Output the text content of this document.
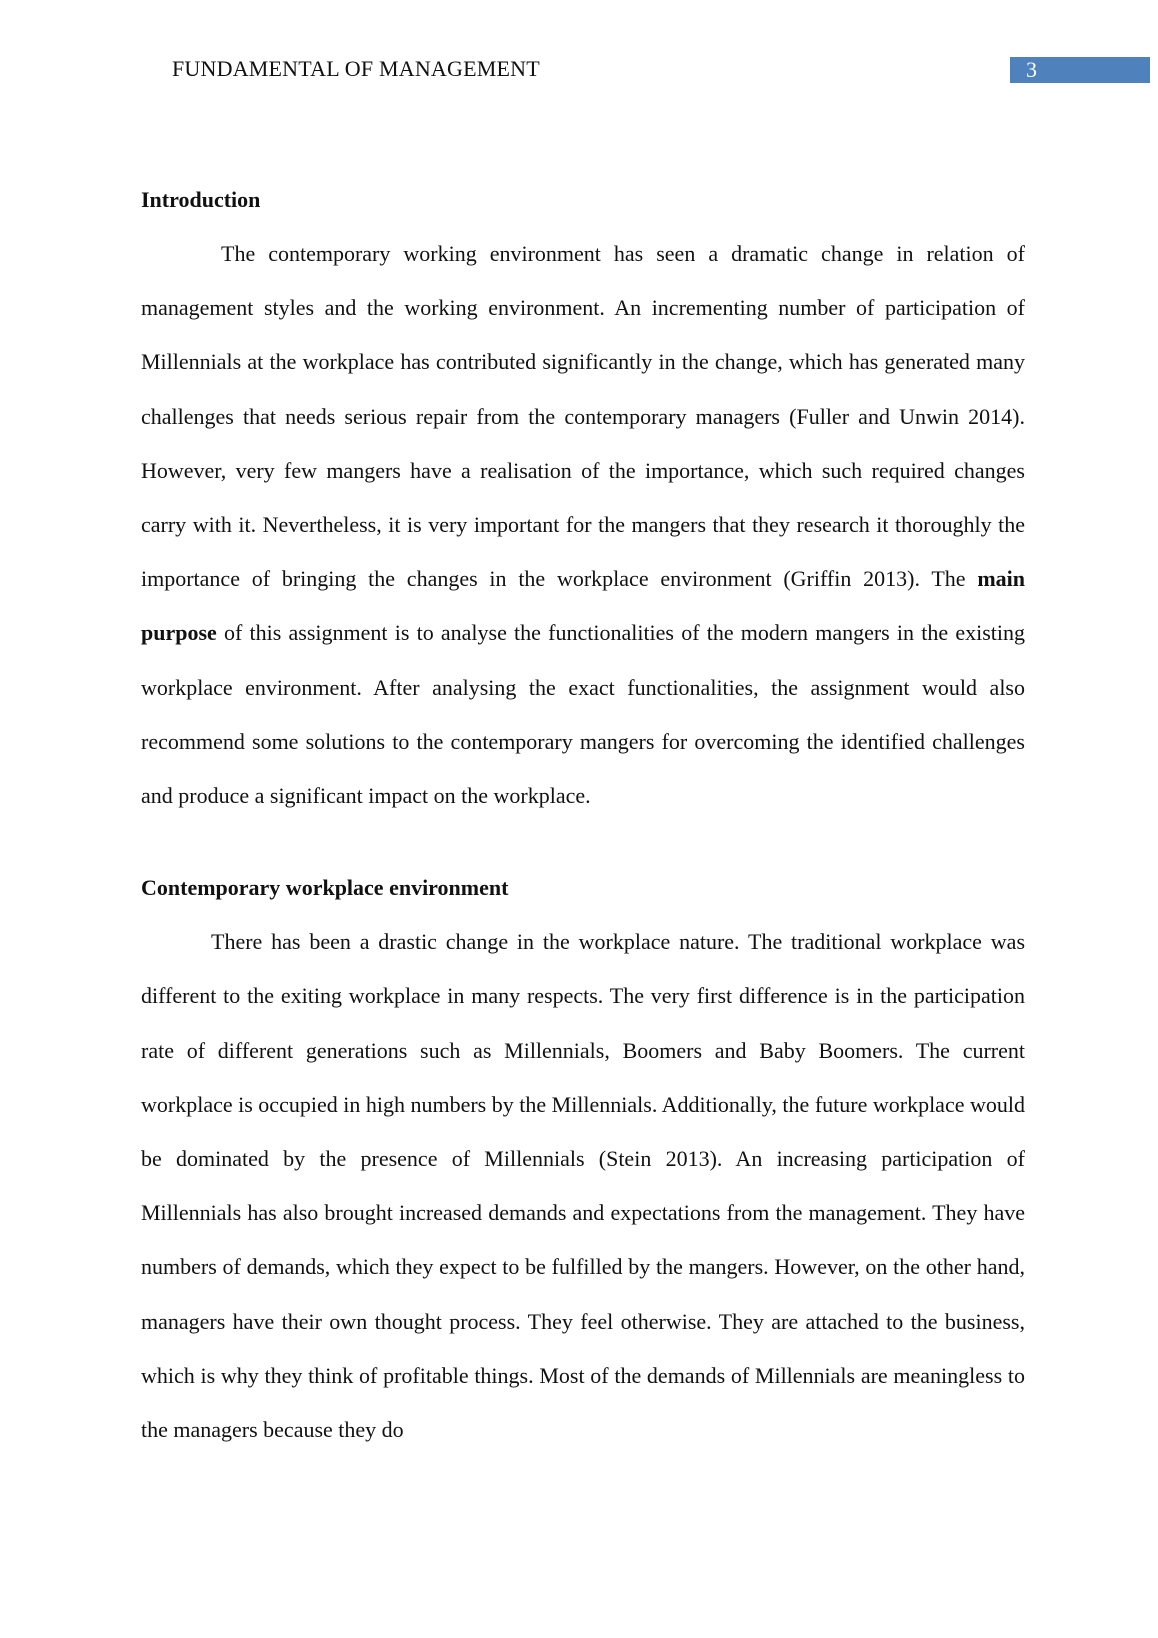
FUNDAMENTAL OF MANAGEMENT	3
Introduction

The contemporary working environment has seen a dramatic change in relation of management styles and the working environment. An incrementing number of participation of Millennials at the workplace has contributed significantly in the change, which has generated many challenges that needs serious repair from the contemporary managers (Fuller and Unwin 2014). However, very few mangers have a realisation of the importance, which such required changes carry with it. Nevertheless, it is very important for the mangers that they research it thoroughly the importance of bringing the changes in the workplace environment (Griffin 2013). The main purpose of this assignment is to analyse the functionalities of the modern mangers in the existing workplace environment. After analysing the exact functionalities, the assignment would also recommend some solutions to the contemporary mangers for overcoming the identified challenges and produce a significant impact on the workplace.

Contemporary workplace environment

There has been a drastic change in the workplace nature. The traditional workplace was different to the exiting workplace in many respects. The very first difference is in the participation rate of different generations such as Millennials, Boomers and Baby Boomers. The current workplace is occupied in high numbers by the Millennials. Additionally, the future workplace would be dominated by the presence of Millennials (Stein 2013). An increasing participation of Millennials has also brought increased demands and expectations from the management. They have numbers of demands, which they expect to be fulfilled by the mangers. However, on the other hand, managers have their own thought process. They feel otherwise. They are attached to the business, which is why they think of profitable things. Most of the demands of Millennials are meaningless to the managers because they do
